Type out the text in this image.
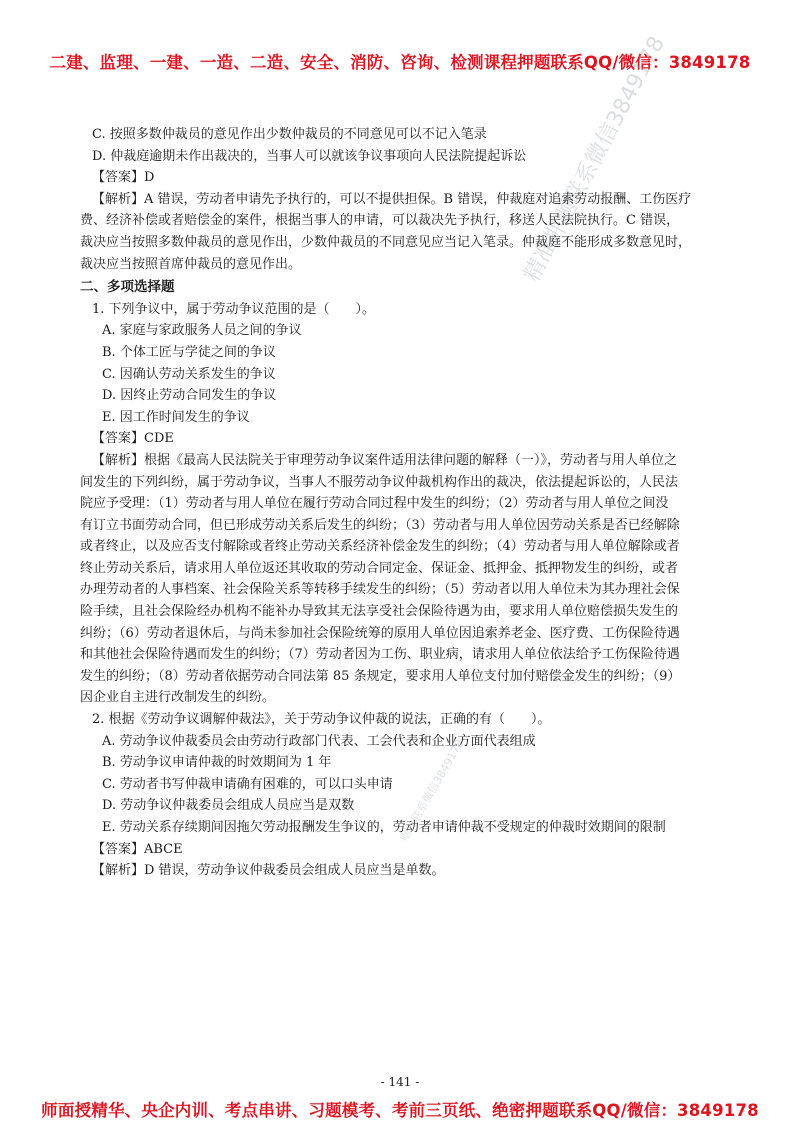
二建、监理、一建、一造、二造、安全、消防、咨询、检测课程押题联系QQ/微信：3849178
精准押题联系微信3849178
唯一联系微信3849178
C. 按照多数仲裁员的意见作出少数仲裁员的不同意见可以不记入笔录
D. 仲裁庭逾期未作出裁决的，当事人可以就该争议事项向人民法院提起诉讼
【答案】D
【解析】A 错误，劳动者申请先予执行的，可以不提供担保。B 错误，仲裁庭对追索劳动报酬、工伤医疗
费、经济补偿或者赔偿金的案件，根据当事人的申请，可以裁决先予执行，移送人民法院执行。C 错误，
裁决应当按照多数仲裁员的意见作出，少数仲裁员的不同意见应当记入笔录。仲裁庭不能形成多数意见时，
裁决应当按照首席仲裁员的意见作出。
二、多项选择题
1. 下列争议中，属于劳动争议范围的是（　　）。
A. 家庭与家政服务人员之间的争议
B. 个体工匠与学徒之间的争议
C. 因确认劳动关系发生的争议
D. 因终止劳动合同发生的争议
E. 因工作时间发生的争议
【答案】CDE
【解析】根据《最高人民法院关于审理劳动争议案件适用法律问题的解释（一）》，劳动者与用人单位之
间发生的下列纠纷，属于劳动争议，当事人不服劳动争议仲裁机构作出的裁决，依法提起诉讼的，人民法
院应予受理：（1）劳动者与用人单位在履行劳动合同过程中发生的纠纷；（2）劳动者与用人单位之间没
有订立书面劳动合同，但已形成劳动关系后发生的纠纷；（3）劳动者与用人单位因劳动关系是否已经解除
或者终止，以及应否支付解除或者终止劳动关系经济补偿金发生的纠纷；（4）劳动者与用人单位解除或者
终止劳动关系后，请求用人单位返还其收取的劳动合同定金、保证金、抵押金、抵押物发生的纠纷，或者
办理劳动者的人事档案、社会保险关系等转移手续发生的纠纷；（5）劳动者以用人单位未为其办理社会保
险手续，且社会保险经办机构不能补办导致其无法享受社会保险待遇为由，要求用人单位赔偿损失发生的
纠纷；（6）劳动者退休后，与尚未参加社会保险统筹的原用人单位因追索养老金、医疗费、工伤保险待遇
和其他社会保险待遇而发生的纠纷；（7）劳动者因为工伤、职业病，请求用人单位依法给予工伤保险待遇
发生的纠纷；（8）劳动者依据劳动合同法第 85 条规定，要求用人单位支付加付赔偿金发生的纠纷；（9）
因企业自主进行改制发生的纠纷。
2. 根据《劳动争议调解仲裁法》，关于劳动争议仲裁的说法，正确的有（　　）。
A. 劳动争议仲裁委员会由劳动行政部门代表、工会代表和企业方面代表组成
B. 劳动争议申请仲裁的时效期间为 1 年
C. 劳动者书写仲裁申请确有困难的，可以口头申请
D. 劳动争议仲裁委员会组成人员应当是双数
E. 劳动关系存续期间因拖欠劳动报酬发生争议的，劳动者申请仲裁不受规定的仲裁时效期间的限制
【答案】ABCE
【解析】D 错误，劳动争议仲裁委员会组成人员应当是单数。
- 141 -
师面授精华、央企内训、考点串讲、习题模考、考前三页纸、绝密押题联系QQ/微信：3849178
